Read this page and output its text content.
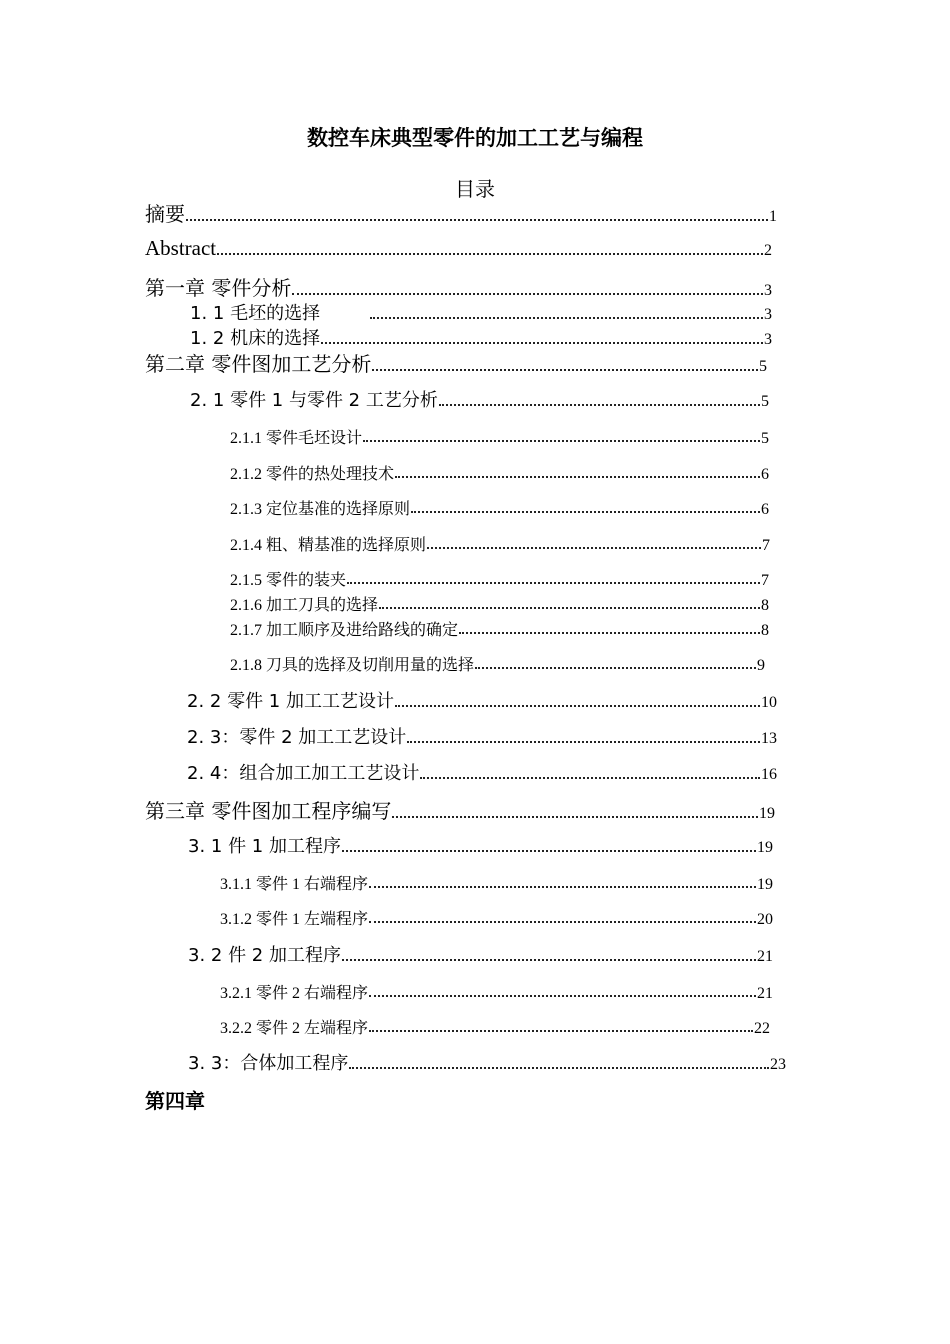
数控车床典型零件的加工工艺与编程
目录
摘要	1
Abstract	2
第一章 零件分析	3
1. 1 毛坯的选择	3
1. 2 机床的选择	3
第二章 零件图加工艺分析	5
2. 1 零件 1 与零件 2 工艺分析	5
2.1.1 零件毛坯设计	5
2.1.2 零件的热处理技术	6
2.1.3 定位基准的选择原则	6
2.1.4 粗、精基准的选择原则	7
2.1.5 零件的装夹	7
2.1.6 加工刀具的选择	8
2.1.7 加工顺序及进给路线的确定	8
2.1.8 刀具的选择及切削用量的选择	9
2. 2 零件 1 加工工艺设计	10
2. 3：零件 2 加工工艺设计	13
2. 4：组合加工加工工艺设计	16
第三章 零件图加工程序编写	19
3. 1 件 1 加工程序	19
3.1.1 零件 1 右端程序	19
3.1.2 零件 1 左端程序	20
3. 2 件 2 加工程序	21
3.2.1 零件 2 右端程序	21
3.2.2 零件 2 左端程序	22
3. 3：合体加工程序	23
第四章
